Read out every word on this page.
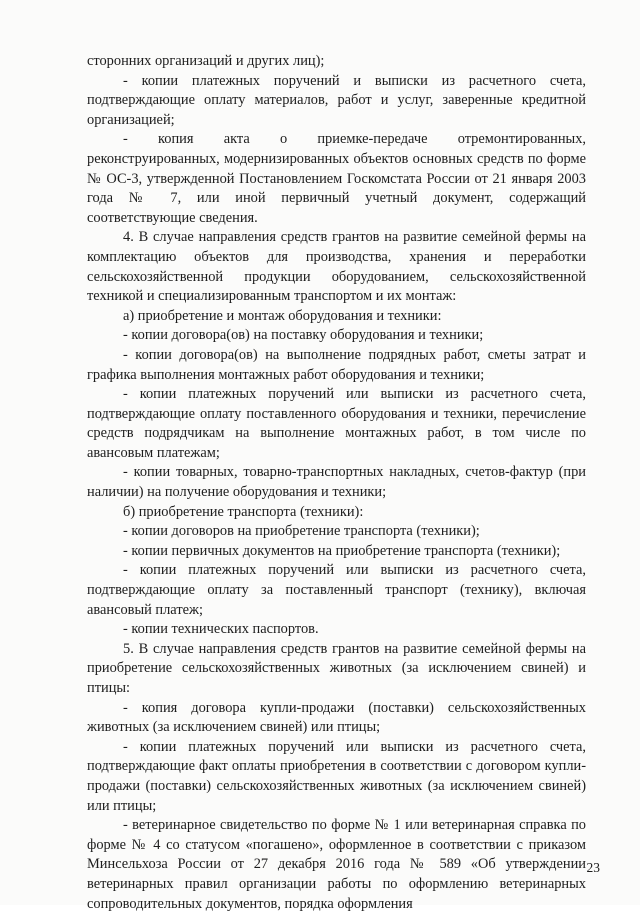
сторонних организаций и других лиц);

- копии платежных поручений и выписки из расчетного счета, подтверждающие оплату материалов, работ и услуг, заверенные кредитной организацией;

- копия акта о приемке-передаче отремонтированных, реконструированных, модернизированных объектов основных средств по форме № ОС-3, утвержденной Постановлением Госкомстата России от 21 января 2003 года № 7, или иной первичный учетный документ, содержащий соответствующие сведения.

4. В случае направления средств грантов на развитие семейной фермы на комплектацию объектов для производства, хранения и переработки сельскохозяйственной продукции оборудованием, сельскохозяйственной техникой и специализированным транспортом и их монтаж:

а) приобретение и монтаж оборудования и техники:

- копии договора(ов) на поставку оборудования и техники;

- копии договора(ов) на выполнение подрядных работ, сметы затрат и графика выполнения монтажных работ оборудования и техники;

- копии платежных поручений или выписки из расчетного счета, подтверждающие оплату поставленного оборудования и техники, перечисление средств подрядчикам на выполнение монтажных работ, в том числе по авансовым платежам;

- копии товарных, товарно-транспортных накладных, счетов-фактур (при наличии) на получение оборудования и техники;

б) приобретение транспорта (техники):

- копии договоров на приобретение транспорта (техники);

- копии первичных документов на приобретение транспорта (техники);

- копии платежных поручений или выписки из расчетного счета, подтверждающие оплату за поставленный транспорт (технику), включая авансовый платеж;

- копии технических паспортов.

5. В случае направления средств грантов на развитие семейной фермы на приобретение сельскохозяйственных животных (за исключением свиней) и птицы:

- копия договора купли-продажи (поставки) сельскохозяйственных животных (за исключением свиней) или птицы;

- копии платежных поручений или выписки из расчетного счета, подтверждающие факт оплаты приобретения в соответствии с договором купли-продажи (поставки) сельскохозяйственных животных (за исключением свиней) или птицы;

- ветеринарное свидетельство по форме № 1 или ветеринарная справка по форме № 4 со статусом «погашено», оформленное в соответствии с приказом Минсельхоза России от 27 декабря 2016 года № 589 «Об утверждении ветеринарных правил организации работы по оформлению ветеринарных сопроводительных документов, порядка оформления

23
